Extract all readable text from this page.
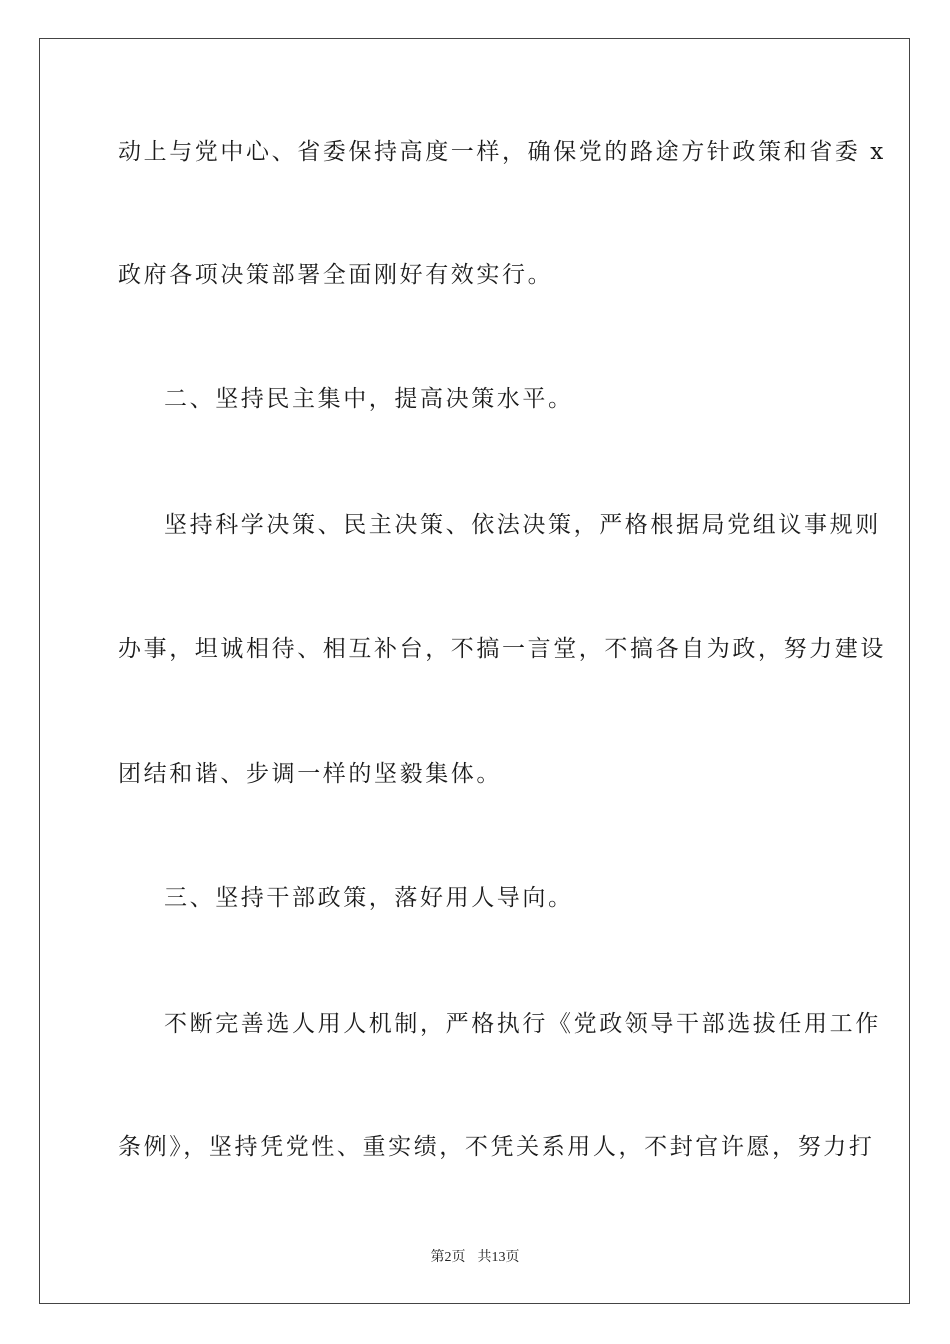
动上与党中心、省委保持高度一样，确保党的路途方针政策和省委 x
政府各项决策部署全面刚好有效实行。
二、坚持民主集中，提高决策水平。
坚持科学决策、民主决策、依法决策，严格根据局党组议事规则
办事，坦诚相待、相互补台，不搞一言堂，不搞各自为政，努力建设
团结和谐、步调一样的坚毅集体。
三、坚持干部政策，落好用人导向。
不断完善选人用人机制，严格执行《党政领导干部选拔任用工作
条例》，坚持凭党性、重实绩，不凭关系用人，不封官许愿，努力打
第2页 共13页
